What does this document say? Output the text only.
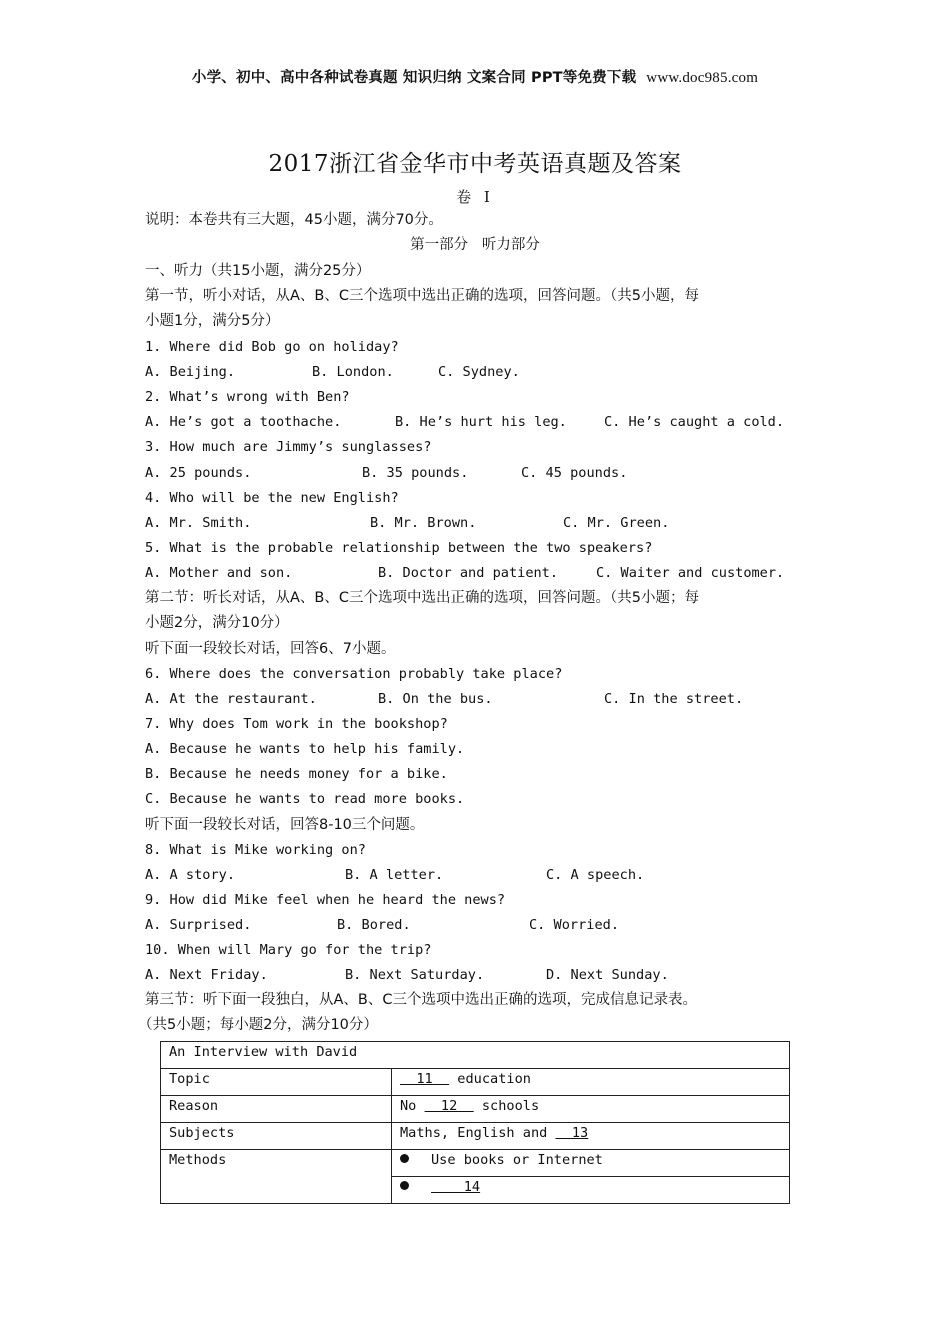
小学、初中、高中各种试卷真题 知识归纳 文案合同 PPT等免费下载 www.doc985.com
2017浙江省金华市中考英语真题及答案
卷 I
说明：本卷共有三大题，45小题，满分70分。
第一部分   听力部分
一、听力（共15小题，满分25分）
第一节，听小对话，从A、B、C三个选项中选出正确的选项，回答问题。（共5小题，每
小题1分，满分5分）
1. Where did Bob go on holiday?
A. Beijing.	B. London.	C. Sydney.
2. What’s wrong with Ben?
A. He’s got a toothache.	B. He’s hurt his leg.	C. He’s caught a cold.
3. How much are Jimmy’s sunglasses?
A. 25 pounds.	B. 35 pounds.	C. 45 pounds.
4. Who will be the new English?
A. Mr. Smith.	B. Mr. Brown.	C. Mr. Green.
5. What is the probable relationship between the two speakers?
A. Mother and son.	B. Doctor and patient.	C. Waiter and customer.
第二节：听长对话，从A、B、C三个选项中选出正确的选项，回答问题。（共5小题；每
小题2分，满分10分）
听下面一段较长对话，回答6、7小题。
6. Where does the conversation probably take place?
A. At the restaurant.	B. On the bus.	C. In the street.
7. Why does Tom work in the bookshop?
A. Because he wants to help his family.
B. Because he needs money for a bike.
C. Because he wants to read more books.
听下面一段较长对话，回答8-10三个问题。
8. What is Mike working on?
A. A story.	B. A letter.	C. A speech.
9. How did Mike feel when he heard the news?
A. Surprised.	B. Bored.	C. Worried.
10. When will Mary go for the trip?
A. Next Friday.	B. Next Saturday.	D. Next Sunday.
第三节：听下面一段独白，从A、B、C三个选项中选出正确的选项，完成信息记录表。
（共5小题；每小题2分，满分10分）
An Interview with David	
Topic	11   education
Reason	No   12   schools
Subjects	Maths, English and   13
Methods	Use books or Internet
	14
